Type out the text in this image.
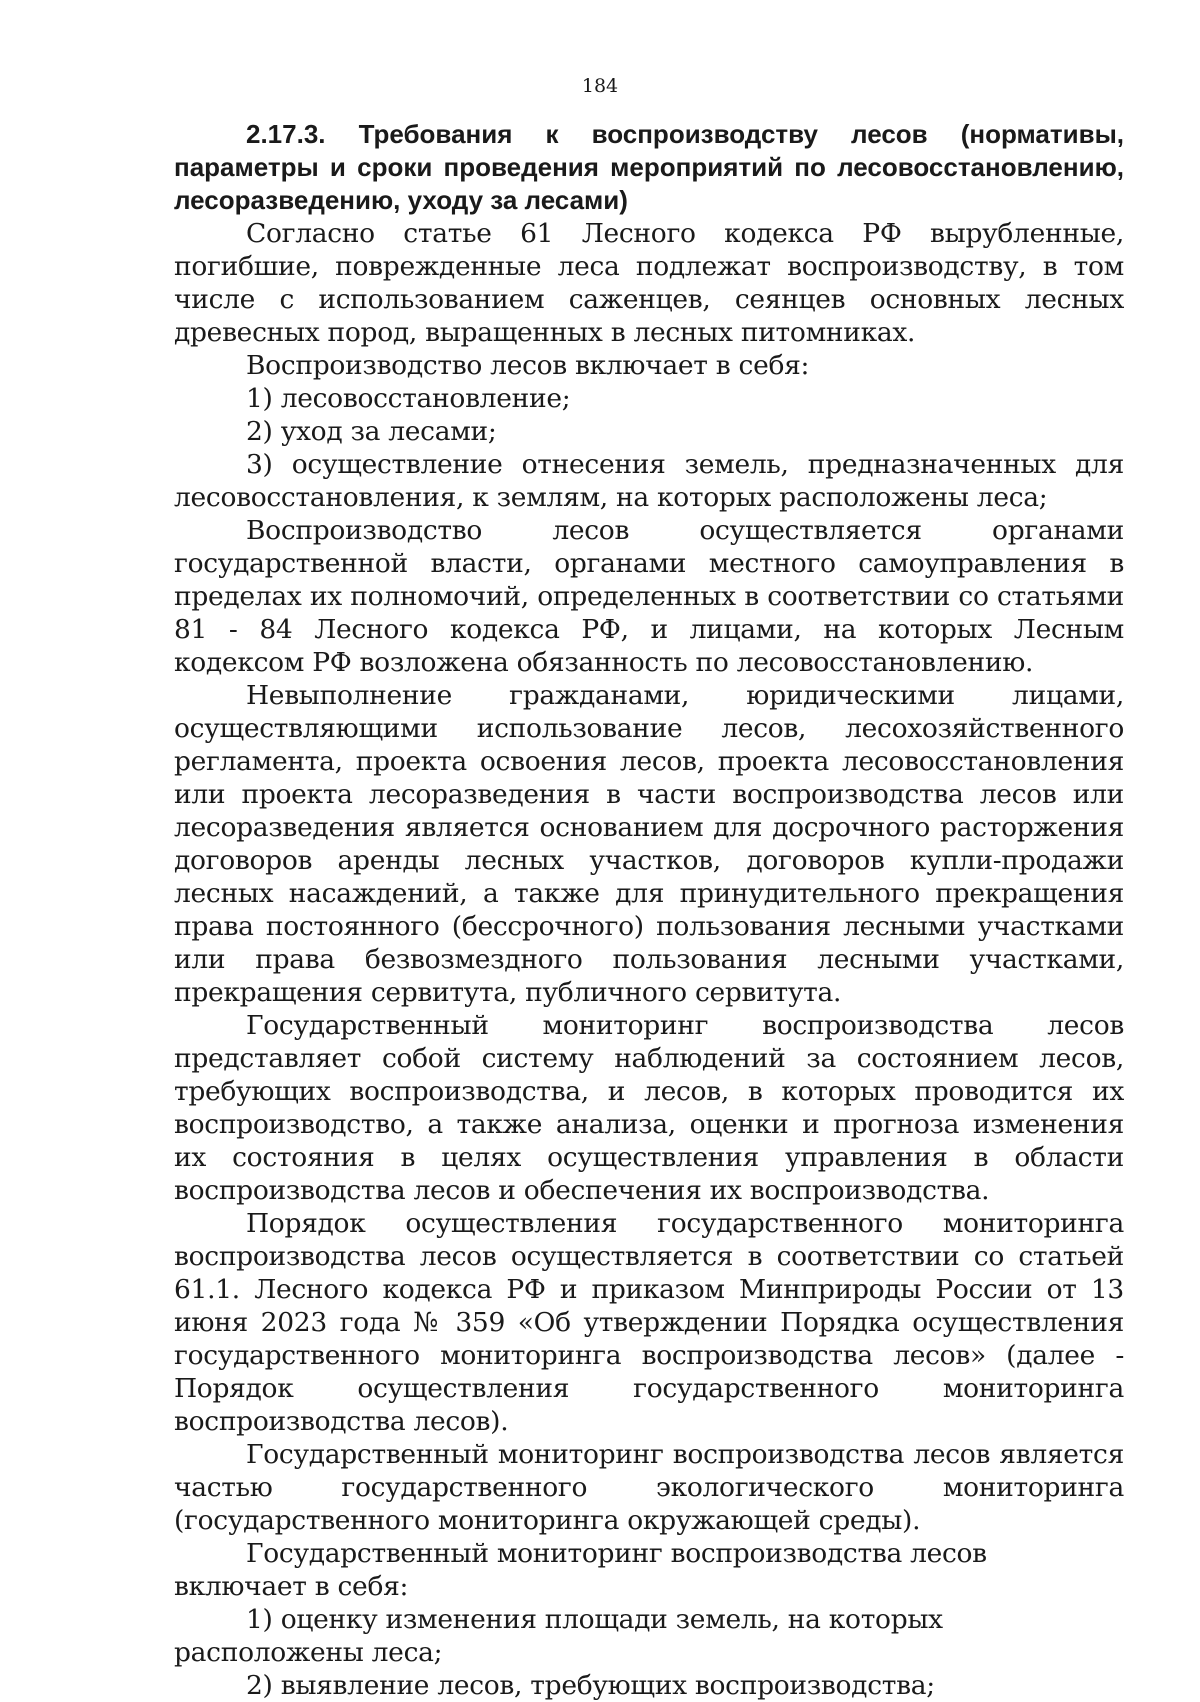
184

2.17.3. Требования к воспроизводству лесов (нормативы, параметры и сроки проведения мероприятий по лесовосстановлению, лесоразведению, уходу за лесами)

Согласно статье 61 Лесного кодекса РФ вырубленные, погибшие, поврежденные леса подлежат воспроизводству, в том числе с использованием саженцев, сеянцев основных лесных древесных пород, выращенных в лесных питомниках.

Воспроизводство лесов включает в себя:

1) лесовосстановление;

2) уход за лесами;

3) осуществление отнесения земель, предназначенных для лесовосстановления, к землям, на которых расположены леса;

Воспроизводство лесов осуществляется органами государственной власти, органами местного самоуправления в пределах их полномочий, определенных в соответствии со статьями 81 - 84 Лесного кодекса РФ, и лицами, на которых Лесным кодексом РФ возложена обязанность по лесовосстановлению.

Невыполнение гражданами, юридическими лицами, осуществляющими использование лесов, лесохозяйственного регламента, проекта освоения лесов, проекта лесовосстановления или проекта лесоразведения в части воспроизводства лесов или лесоразведения является основанием для досрочного расторжения договоров аренды лесных участков, договоров купли-продажи лесных насаждений, а также для принудительного прекращения права постоянного (бессрочного) пользования лесными участками или права безвозмездного пользования лесными участками, прекращения сервитута, публичного сервитута.

Государственный мониторинг воспроизводства лесов представляет собой систему наблюдений за состоянием лесов, требующих воспроизводства, и лесов, в которых проводится их воспроизводство, а также анализа, оценки и прогноза изменения их состояния в целях осуществления управления в области воспроизводства лесов и обеспечения их воспроизводства.

Порядок осуществления государственного мониторинга воспроизводства лесов осуществляется в соответствии со статьей 61.1. Лесного кодекса РФ и приказом Минприроды России от 13 июня 2023 года № 359 «Об утверждении Порядка осуществления государственного мониторинга воспроизводства лесов» (далее - Порядок осуществления государственного мониторинга воспроизводства лесов).

Государственный мониторинг воспроизводства лесов является частью государственного экологического мониторинга (государственного мониторинга окружающей среды).

Государственный мониторинг воспроизводства лесов включает в себя:

1) оценку изменения площади земель, на которых расположены леса;

2) выявление лесов, требующих воспроизводства;
